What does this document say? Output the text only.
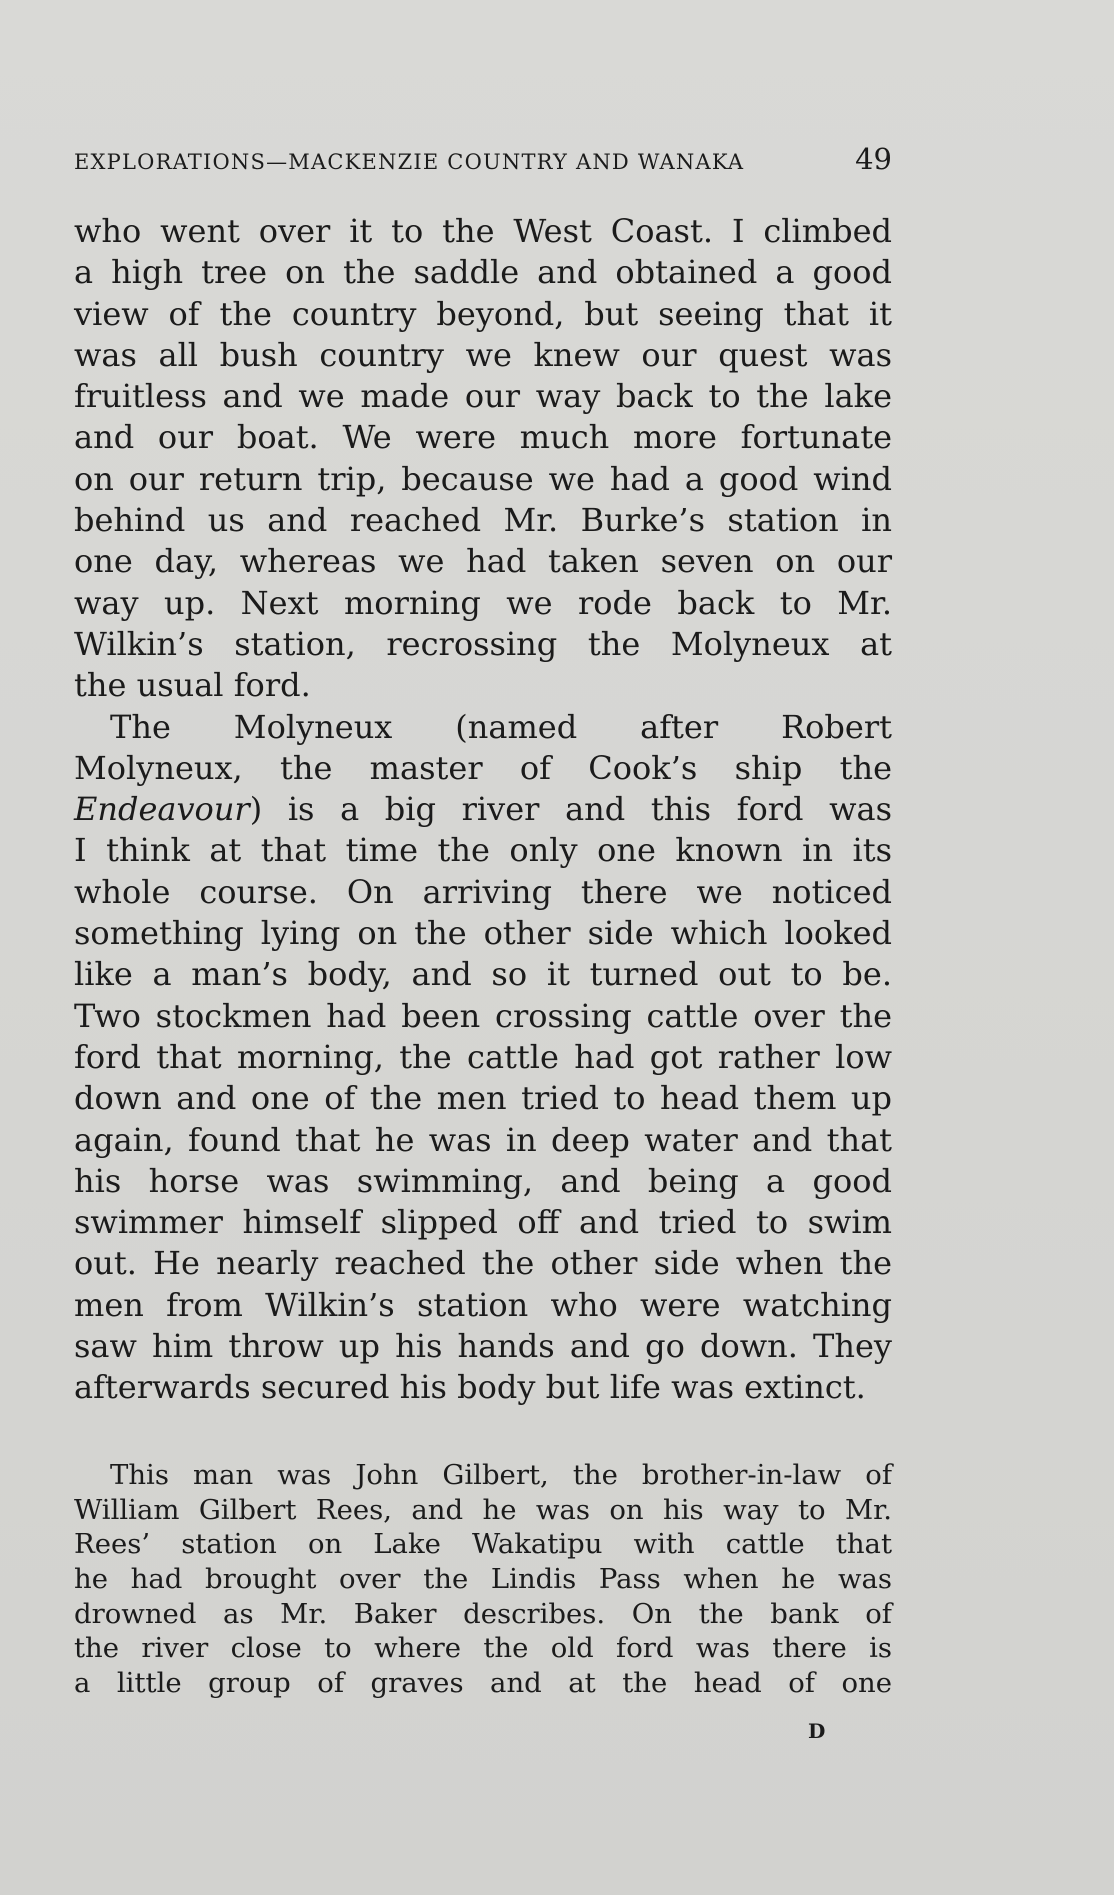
EXPLORATIONS—MACKENZIE COUNTRY AND WANAKA	49
who went over it to the West Coast. I climbed
a high tree on the saddle and obtained a good
view of the country beyond, but seeing that it
was all bush country we knew our quest was
fruitless and we made our way back to the lake
and our boat. We were much more fortunate
on our return trip, because we had a good wind
behind us and reached Mr. Burke’s station in
one day, whereas we had taken seven on our
way up. Next morning we rode back to Mr.
Wilkin’s station, recrossing the Molyneux at
the usual ford.
The Molyneux (named after Robert
Molyneux, the master of Cook’s ship the
Endeavour) is a big river and this ford was
I think at that time the only one known in its
whole course. On arriving there we noticed
something lying on the other side which looked
like a man’s body, and so it turned out to be.
Two stockmen had been crossing cattle over the
ford that morning, the cattle had got rather low
down and one of the men tried to head them up
again, found that he was in deep water and that
his horse was swimming, and being a good
swimmer himself slipped off and tried to swim
out. He nearly reached the other side when the
men from Wilkin’s station who were watching
saw him throw up his hands and go down. They
afterwards secured his body but life was extinct.
This man was John Gilbert, the brother-in-law of
William Gilbert Rees, and he was on his way to Mr.
Rees’ station on Lake Wakatipu with cattle that
he had brought over the Lindis Pass when he was
drowned as Mr. Baker describes. On the bank of
the river close to where the old ford was there is
a little group of graves and at the head of one
D
